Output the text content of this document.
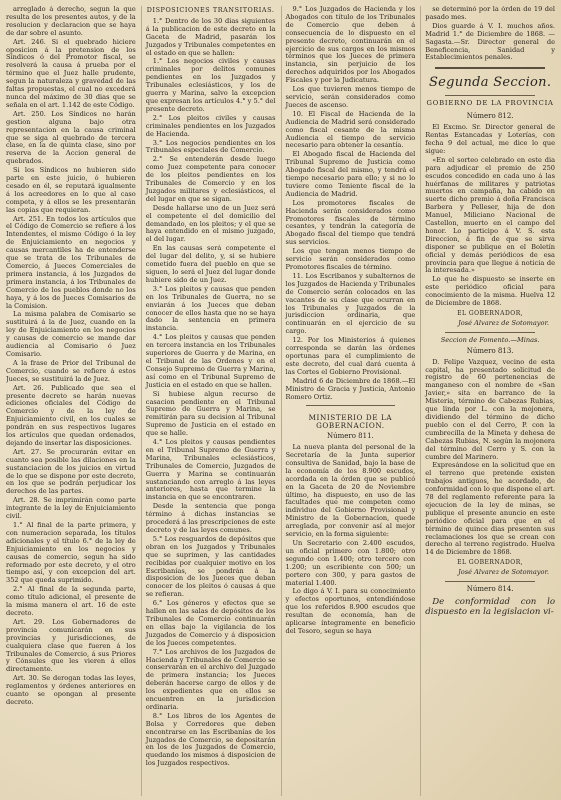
arreglado á derecho, segun la que resulta de los presentes autos, y de la resolucion y declaracion que se haya de dar sobre el asunto.

Art. 246. Si el quebrado hiciere oposicion á la pretension de los Síndicos ó del Promotor fiscal, se resolverá la causa á prueba por el término que el Juez halle prudente, segun la naturaleza y gravedad de las faltas propuestas, el cual no excederá nunca del máximo de 30 dias que se señala en el art. 1.142 de este Código.

Art. 250. Los Síndicos no harán gestion alguna bajo otra representacion en la causa criminal que se siga al quebrado de tercera clase, en la de quinta clase, sino por reserva de la Accion general de quebrados.

Si los Síndicos no hubieren sido parte en este juicio, ó hubieren cesado en él, se reputará igualmente á los acreedores en lo que al caso competa, y á ellos se les presentarán las copias que requieran.

Art. 251. En todos los artículos que el Código de Comercio se refiere á los Intendentes, el mismo Código ó la ley de Enjuiciamiento en negocios y causas mercantiles ha de entenderse que se trata de los Tribunales de Comercio, á Jueces Comerciales de primera instancia, á los Juzgados de primera instancia, á los Tribunales de Comercio de los pueblos donde no los haya, y á los de Jueces Comisarios de la Comision.

La misma palabra de Comisario se sustituirá á la de Juez, cuando en la ley de Enjuiciamiento en los negocios y causas de comercio se mande dar audiencia al Comisario ó Juez Comisario.

A la frase de Prior del Tribunal de Comercio, cuando se refiere á estos Jueces, se sustituirá la de Juez.

Art. 26. Publicado que sea el presente decreto se harán nuevas ediciones oficiales del Código de Comercio y de la ley de Enjuiciamiento civil, en los cuales se pondrán en sus respectivos lugares los artículos que quedan ordenados, dejando de insertar las disposiciones.

Art. 27. Se procurarán evitar en cuanto sea posible las dilaciones en la sustanciacion de los juicios en virtud de lo que se dispone por este decreto, en los que se podrán perjudicar los derechos de las partes.

Art. 28. Se imprimirán como parte integrante de la ley de Enjuiciamiento civil.

1.° Al final de la parte primera, y con numeracion separada, los títulos adicionales y el título 6.° de la ley de Enjuiciamiento en los negocios y causas de comercio, segun ha sido reformado por este decreto, y el otro tiempo así, y con excepcion del art. 352 que queda suprimido.

2.° Al final de la segunda parte, como título adicional, el presente de la misma manera el art. 16 de este decreto.

Art. 29. Los Gobernadores de provincia comunicarán en sus provincias y jurisdicciones, de cualquiera clase que fueren á los Tribunales de Comercio, á sus Priores y Cónsules que les vieren á ellos directamente.

Art. 30. Se derogan todas las leyes, reglamentos y órdenes anteriores en cuanto se opongan al presente decreto.

DISPOSICIONES TRANSITORIAS.

1.° Dentro de los 30 dias siguientes á la publicacion de este decreto en la Gaceta de Madrid, pasarán los Juzgados y Tribunales competentes en el estado en que se hallen:

1.° Los negocios civiles y causas criminales por delitos comunes pendientes en los Juzgados y Tribunales eclesiásticos, y los de guerra y Marina, salvo la excepcion que expresan los artículos 4.° y 5.° del presente decreto.

2.° Los pleitos civiles y causas criminales pendientes en los Juzgados de Hacienda.

3.° Los negocios pendientes en los Tribunales especiales de Comercio.

2.° Se entenderán desde luego como Juez competente para conocer de los pleitos pendientes en los Tribunales de Comercio y en los Juzgados militares y eclesiásticos, el del lugar en que se sigan.

Desde hallarse uno de un Juez será el competente el del domicilio del demandado, en los pleitos; y el que se haya entendido en el mismo juzgado, el del lugar.

En las causas será competente el del lugar del delito, y, si se hubiere cometido fuera del pueblo en que se siguen, lo será el Juez del lugar donde hubiere sido de un Juez.

3.° Los pleitos y causas que penden en los Tribunales de Guerra, no se enviarán á los Jueces que deban conocer de ellos hasta que no se haya dado la sentencia en primera instancia.

4.° Los pleitos y causas que penden en tercera instancia en los Tribunales superiores de Guerra y de Marina, en el Tribunal de las Ordenes y en el Consejo Supremo de Guerra y Marina, así como en el Tribunal Supremo de Justicia en el estado en que se hallen.

Si hubiese algun recurso de casacion pendiente en el Tribunal Supremo de Guerra y Marina, se remitirán para su decision al Tribunal Supremo de Justicia en el estado en que se halle.

4.° Los pleitos y causas pendientes en el Tribunal Supremo de Guerra y Marina, Tribunales eclesiásticos, Tribunales de Comercio, Juzgados de Guerra y Marina se continuarán sustanciando con arreglo á las leyes anteriores, hasta que termine la instancia en que se encontraren.

Desde la sentencia que ponga término á dichas instancias se procederá á las prescripciones de este decreto y de las leyes comunes.

5.° Los resguardos de depósitos que obran en los Juzgados y Tribunales que se suprimen, y las cantidades recibidas por cualquier motivo en los Escribanías, se pondrán á la disposicion de los Jueces que deban conocer de los pleitos ó causas á que se refieran.

6.° Los géneros y efectos que se hallen en las salas de depósitos de los Tribunales de Comercio continuarán en ellas bajo la vigilancia de los Juzgados de Comercio y á disposicion de los Jueces competentes.

7.° Los archivos de los Juzgados de Hacienda y Tribunales de Comercio se conservarán en el archivo del Juzgado de primera instancia; los Jueces deberán hacerse cargo de ellos y de los expedientes que en ellos se encuentren en la jurisdiccion ordinaria.

8.° Los libros de los Agentes de Bolsa y Corredores que deben encontrarse en las Escribanías de los Juzgados de Comercio, se depositarán en los de los Juzgados de Comercio, quedando los mismos á disposicion de los Juzgados respectivos.

9.° Los Juzgados de Hacienda y los Abogados con título de los Tribunales de Comercio que deben á consecuencia de lo dispuesto en el presente decreto, continuarán en el ejercicio de sus cargos en los mismos términos que los Jueces de primera instancia, sin perjuicio de los derechos adquiridos por los Abogados Fiscales y por la Judicatura.

Los que tuvieren menos tiempo de servicio, serán considerados como Jueces de ascenso.

10. El Fiscal de Hacienda de la Audiencia de Madrid será considerado como fiscal cesante de la misma Audiencia el tiempo de servicio necesario para obtener la cesantía.

El Abogado fiscal de Hacienda del Tribunal Supremo de Justicia como Abogado fiscal del mismo, y tendrá el tiempo necesario para ello; y si no lo tuviere como Teniente fiscal de la Audiencia de Madrid.

Los promotores fiscales de Hacienda serán considerados como Promotores fiscales de término cesantes, y tendrán la categoría de Abogado fiscal del tiempo que tendrá sus servicios.

Los que tengan menos tiempo de servicio serán considerados como Promotores fiscales de término.

11. Los Escribanos y subalternos de los Juzgados de Hacienda y Tribunales de Comercio serán colocados en las vacantes de su clase que ocurran en los Tribunales y Juzgados de la jurisdiccion ordinaria, que continuarán en el ejercicio de su cargo.

12. Por los Ministerios á quienes corresponda se darán las órdenes oportunas para el cumplimiento de este decreto, del cual dará cuenta á las Cortes el Gobierno Provisional.

Madrid 6 de Diciembre de 1868.—El Ministro de Gracia y Justicia, Antonio Romero Ortiz.

MINISTERIO DE LA GOBERNACION.
Número 811.

La nueva planta del personal de la Secretaría de la Junta superior consultiva de Sanidad, bajo la base de la economía de los 8.900 escudos, acordada en la órden que se publicó en la Gaceta de 20 de Noviembre último, ha dispuesto, en uso de las facultades que me competen como individuo del Gobierno Provisional y Ministro de la Gobernacion, quede arreglada, por convenir así al mejor servicio, en la forma siguiente:

Un Secretario con 2.400 escudos, un oficial primero con 1.800; otro segundo con 1.400; otro tercero con 1.200; un escribiente con 500; un portero con 300, y para gastos de material 1.400.

Lo digo á V. I. para su conocimiento y efectos oportunos, entendiéndose que los referidos 8.900 escudos que resultan de economía, han de aplicarse íntegramente en beneficio del Tesoro, segun se haya

se determinó por la órden de 19 del pasado mes.

Dios guarde á V. I. muchos años. Madrid 1.° de Diciembre de 1868. —Sagasta.—Sr. Director general de Beneficencia, Sanidad y Establecimientos penales.

Segunda Seccion.
GOBIERNO DE LA PROVINCIA
Número 812.

El Excmo. Sr. Director general de Rentas Estancadas y Loterías, con fecha 9 del actual, me dice lo que sigue:

«En el sorteo celebrado en este dia para adjudicar el premio de 250 escudos concedido en cada uno á las huérfanas de militares y patriotas muertos en campaña, ha cabido en suerte dicho premio á doña Francisca Barbera y Pelleser, hija de don Manuel, Miliciano Nacional de Castellon, muerto en el campo del honor. Lo participo á V. S. esta Direccion, á fin de que se sirva disponer se publique en el Boletín oficial y demás periódicos de esa provincia para que llegue á noticia de la interesada.»

Lo que he dispuesto se inserte en este periódico oficial para conocimiento de la misma. Huelva 12 de Diciembre de 1868.

EL GOBERNADOR,
José Alvarez de Sotomayor.
Seccion de Fomento.—Minas.
Número 813.

D. Felipe Vazquez, vecino de esta capital, ha presentado solicitud de registro de 60 pertenencias de manganeso con el nombre de «San Javier,» sita en barranco de la Misteria, término de Cabezas Rubias, que linda por L. con la mojonera, dividiendo del término de dicho pueblo con el del Cerro, P. con la cumbrecilla de la Mineta y dehesa de Cabezas Rubias, N. según la mojonera del término del Cerro y S. con la cumbre del Marinero.

Expresándose en la solicitud que en el terreno que pretende existen trabajos antiguos, he acordado, de conformidad con lo que dispone el art. 78 del reglamento referente para la ejecucion de la ley de minas, se publique el presente anuncio en este periódico oficial para que en el término de quince dias presenten sus reclamaciones los que se crean con derecho al terreno registrado. Huelva 14 de Diciembre de 1868.

EL GOBERNADOR,
José Alvarez de Sotomayor.
Número 814.

De conformidad con lo dispuesto en la legislacion vi-
